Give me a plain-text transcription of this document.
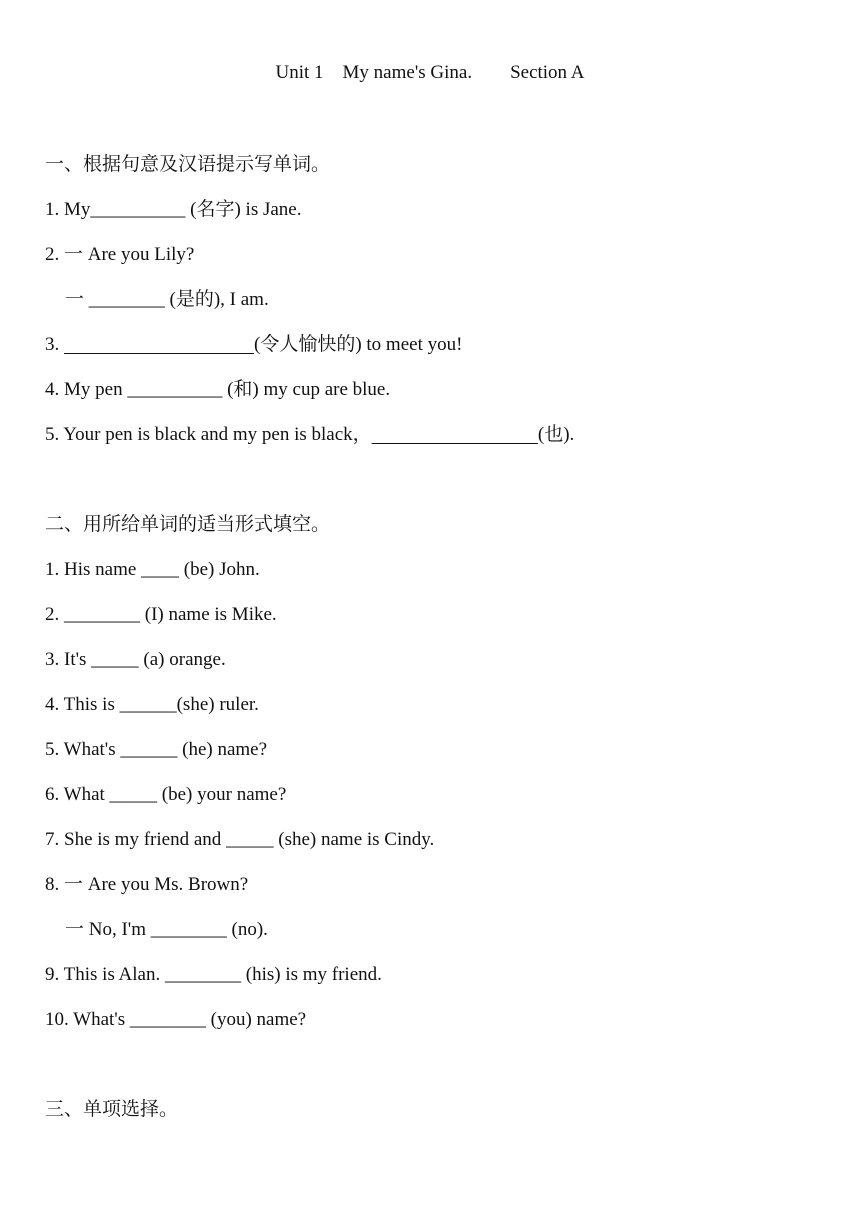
Unit 1    My name's Gina.        Section A
一、根据句意及汉语提示写单词。
1. My__________ (名字) is Jane.
2. 一 Are you Lily?
一 ________ (是的), I am.
3.	(令人愉快的) to meet you!
4. My pen __________ (和) my cup are blue.
5. Your pen is black and my pen is black，	(也).
二、用所给单词的适当形式填空。
1. His name ____ (be) John.
2. ________ (I) name is Mike.
3. It's _____ (a) orange.
4. This is ______(she) ruler.
5. What's ______ (he) name?
6. What _____ (be) your name?
7. She is my friend and _____ (she) name is Cindy.
8. 一 Are you Ms. Brown?
一 No, I'm ________ (no).
9. This is Alan. ________ (his) is my friend.
10. What's ________ (you) name?
三、单项选择。
